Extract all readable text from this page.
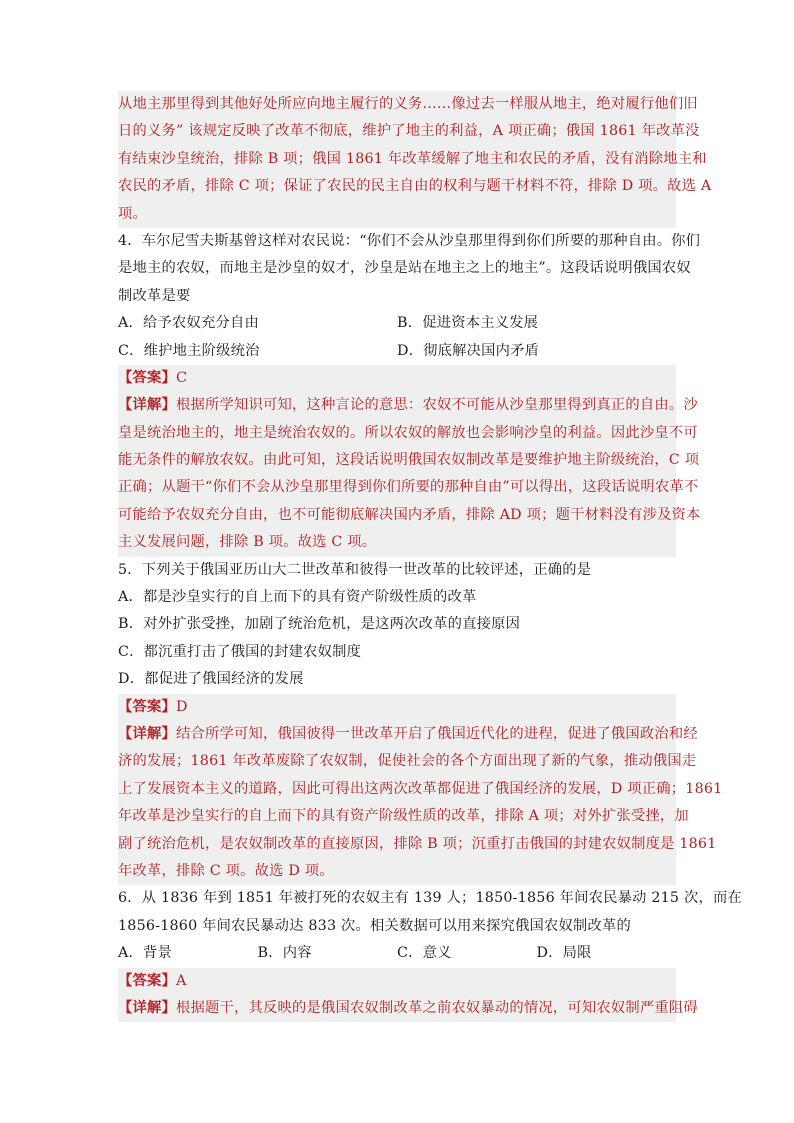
从地主那里得到其他好处所应向地主履行的义务……像过去一样服从地主，绝对履行他们旧
日的义务” 该规定反映了改革不彻底，维护了地主的利益，A 项正确；俄国 1861 年改革没
有结束沙皇统治，排除 B 项；俄国 1861 年改革缓解了地主和农民的矛盾，没有消除地主和
农民的矛盾，排除 C 项；保证了农民的民主自由的权利与题干材料不符，排除 D 项。故选 A
项。
4．车尔尼雪夫斯基曾这样对农民说：“你们不会从沙皇那里得到你们所要的那种自由。你们
是地主的农奴，而地主是沙皇的奴才，沙皇是站在地主之上的地主”。这段话说明俄国农奴
制改革是要
A．给予农奴充分自由	B．促进资本主义发展
C．维护地主阶级统治	D．彻底解决国内矛盾
【答案】C
【详解】根据所学知识可知，这种言论的意思：农奴不可能从沙皇那里得到真正的自由。沙
皇是统治地主的，地主是统治农奴的。所以农奴的解放也会影响沙皇的利益。因此沙皇不可
能无条件的解放农奴。由此可知，这段话说明俄国农奴制改革是要维护地主阶级统治，C 项
正确；从题干“你们不会从沙皇那里得到你们所要的那种自由”可以得出，这段话说明农革不
可能给予农奴充分自由，也不可能彻底解决国内矛盾，排除 AD 项；题干材料没有涉及资本
主义发展问题，排除 B 项。故选 C 项。
5．下列关于俄国亚历山大二世改革和彼得一世改革的比较评述，正确的是
A．都是沙皇实行的自上而下的具有资产阶级性质的改革
B．对外扩张受挫，加剧了统治危机，是这两次改革的直接原因
C．都沉重打击了俄国的封建农奴制度
D．都促进了俄国经济的发展
【答案】D
【详解】结合所学可知，俄国彼得一世改革开启了俄国近代化的进程，促进了俄国政治和经
济的发展；1861 年改革废除了农奴制，促使社会的各个方面出现了新的气象，推动俄国走
上了发展资本主义的道路，因此可得出这两次改革都促进了俄国经济的发展，D 项正确；1861
年改革是沙皇实行的自上而下的具有资产阶级性质的改革，排除 A 项；对外扩张受挫，加
剧了统治危机，是农奴制改革的直接原因，排除 B 项；沉重打击俄国的封建农奴制度是 1861
年改革，排除 C 项。故选 D 项。
6．从 1836 年到 1851 年被打死的农奴主有 139 人；1850-1856 年间农民暴动 215 次，而在
1856-1860 年间农民暴动达 833 次。相关数据可以用来探究俄国农奴制改革的
A．背景	B．内容	C．意义	D．局限
【答案】A
【详解】根据题干，其反映的是俄国农奴制改革之前农奴暴动的情况，可知农奴制严重阻碍
